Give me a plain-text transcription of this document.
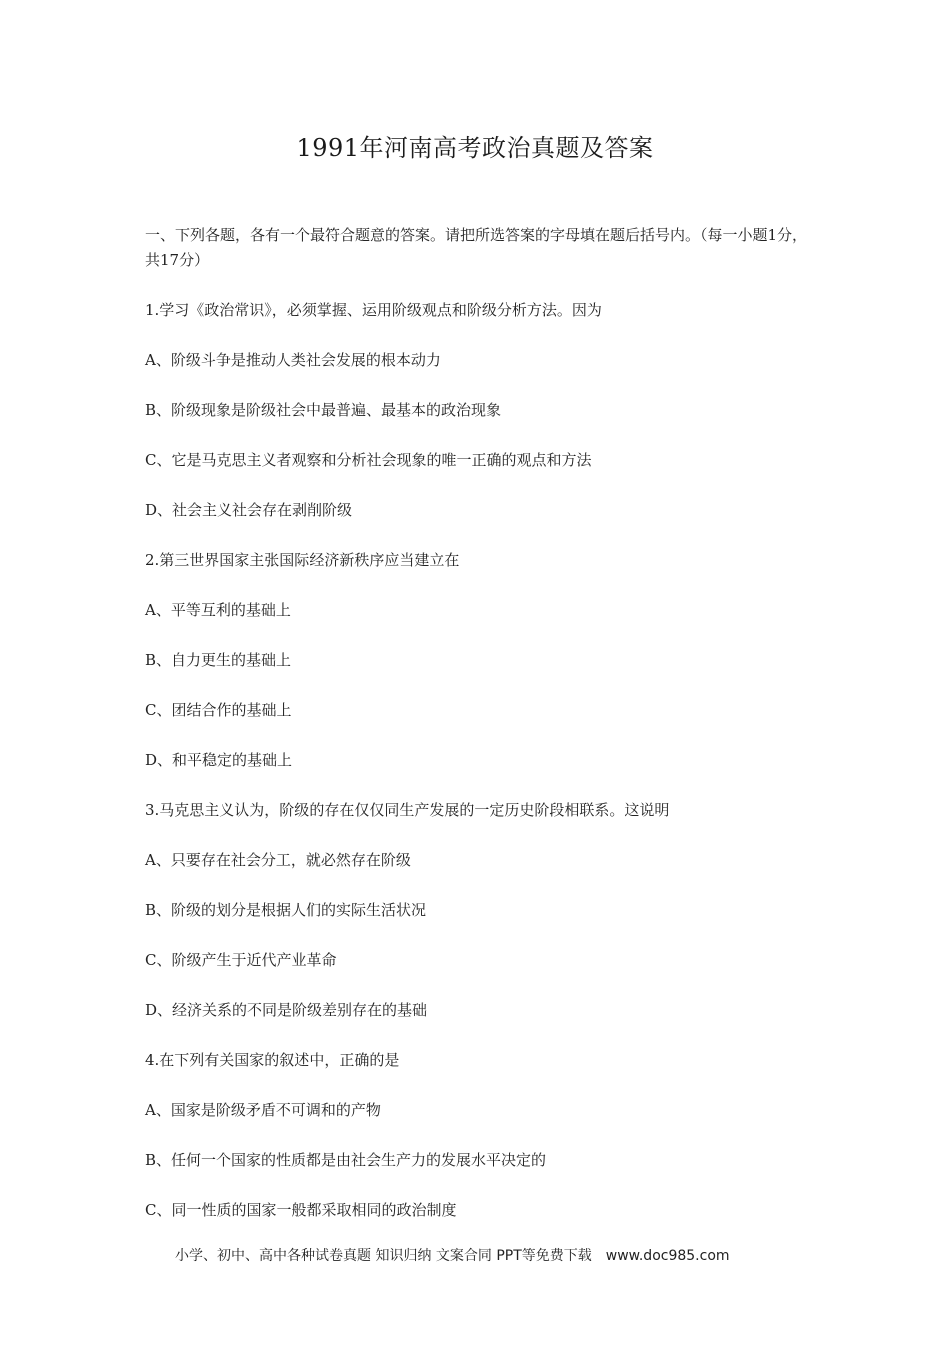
1991年河南高考政治真题及答案

一、下列各题，各有一个最符合题意的答案。请把所选答案的字母填在题后括号内。（每一小题1分，共17分）

1.学习《政治常识》，必须掌握、运用阶级观点和阶级分析方法。因为

A、阶级斗争是推动人类社会发展的根本动力

B、阶级现象是阶级社会中最普遍、最基本的政治现象

C、它是马克思主义者观察和分析社会现象的唯一正确的观点和方法

D、社会主义社会存在剥削阶级

2.第三世界国家主张国际经济新秩序应当建立在

A、平等互利的基础上

B、自力更生的基础上

C、团结合作的基础上

D、和平稳定的基础上

3.马克思主义认为，阶级的存在仅仅同生产发展的一定历史阶段相联系。这说明

A、只要存在社会分工，就必然存在阶级

B、阶级的划分是根据人们的实际生活状况

C、阶级产生于近代产业革命

D、经济关系的不同是阶级差别存在的基础

4.在下列有关国家的叙述中，正确的是

A、国家是阶级矛盾不可调和的产物

B、任何一个国家的性质都是由社会生产力的发展水平决定的

C、同一性质的国家一般都采取相同的政治制度

小学、初中、高中各种试卷真题 知识归纳 文案合同 PPT等免费下载　www.doc985.com
